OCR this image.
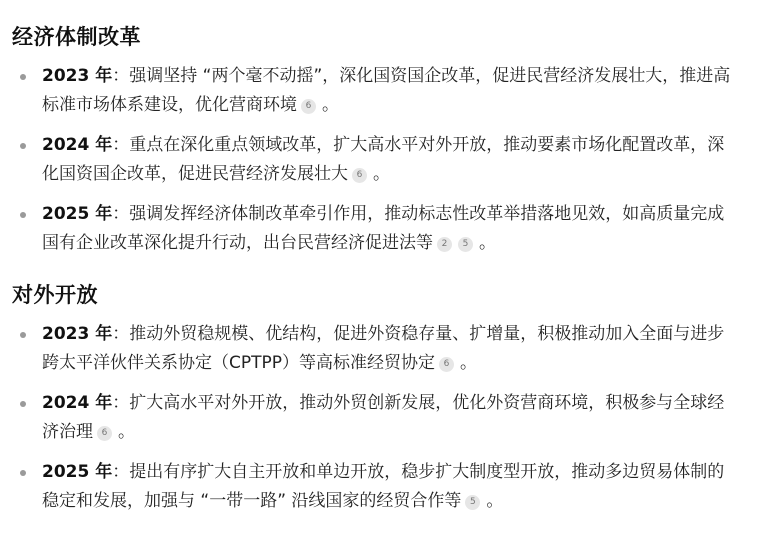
经济体制改革
2023 年：强调坚持 “两个毫不动摇”，深化国资国企改革，促进民营经济发展壮大，推进高标准市场体系建设，优化营商环境 6 。
2024 年：重点在深化重点领域改革，扩大高水平对外开放，推动要素市场化配置改革，深化国资国企改革，促进民营经济发展壮大 6 。
2025 年：强调发挥经济体制改革牵引作用，推动标志性改革举措落地见效，如高质量完成国有企业改革深化提升行动，出台民营经济促进法等 2 5 。
对外开放
2023 年：推动外贸稳规模、优结构，促进外资稳存量、扩增量，积极推动加入全面与进步跨太平洋伙伴关系协定（CPTPP）等高标准经贸协定 6 。
2024 年：扩大高水平对外开放，推动外贸创新发展，优化外资营商环境，积极参与全球经济治理 6 。
2025 年：提出有序扩大自主开放和单边开放，稳步扩大制度型开放，推动多边贸易体制的稳定和发展，加强与 “一带一路” 沿线国家的经贸合作等 5 。
